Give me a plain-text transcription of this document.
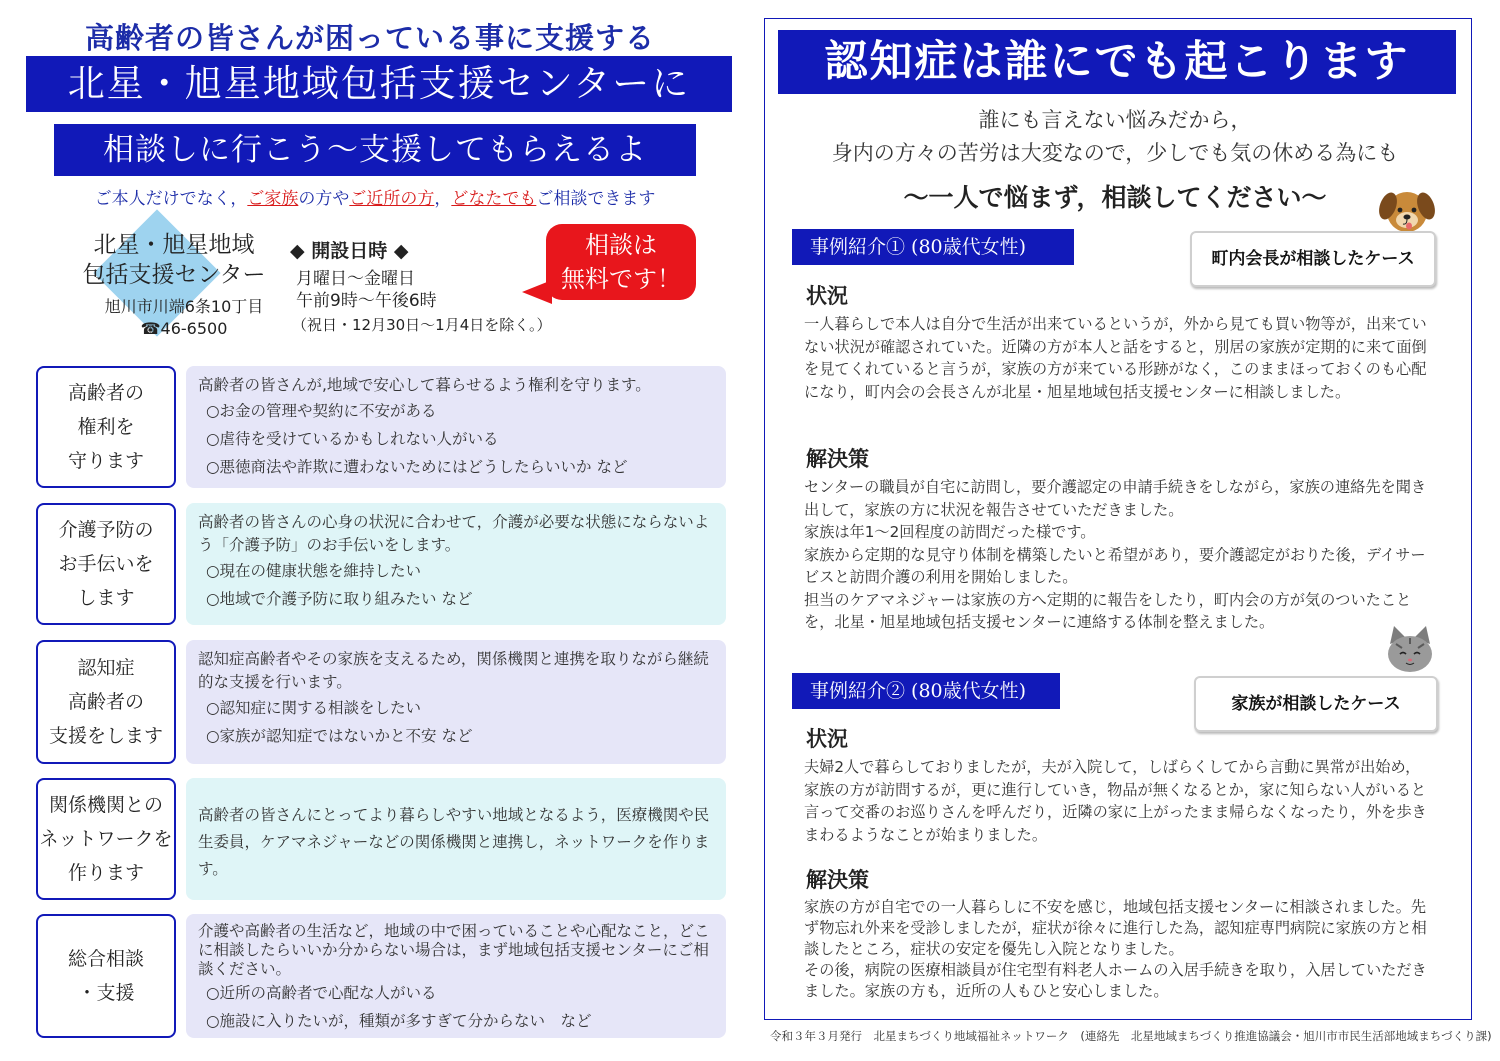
高齢者の皆さんが困っている事に支援する
北星・旭星地域包括支援センターに
相談しに行こう～支援してもらえるよ
ご本人だけでなく，ご家族の方やご近所の方，どなたでもご相談できます
北星・旭星地域
包括支援センター
旭川市川端6条10丁目
☎46-6500
◆ 開設日時 ◆
月曜日～金曜日
午前9時～午後6時
（祝日・12月30日～1月4日を除く。）
相談は
無料です！
高齢者の
権利を
守ります
高齢者の皆さんが,地域で安心して暮らせるよう権利を守ります。
○お金の管理や契約に不安がある
○虐待を受けているかもしれない人がいる
○悪徳商法や詐欺に遭わないためにはどうしたらいいか など
介護予防の
お手伝いを
します
高齢者の皆さんの心身の状況に合わせて，介護が必要な状態にならないよう「介護予防」のお手伝いをします。
○現在の健康状態を維持したい
○地域で介護予防に取り組みたい など
認知症
高齢者の
支援をします
認知症高齢者やその家族を支えるため，関係機関と連携を取りながら継続的な支援を行います。
○認知症に関する相談をしたい
○家族が認知症ではないかと不安 など
関係機関との
ネットワークを
作ります
高齢者の皆さんにとってより暮らしやすい地域となるよう，医療機関や民生委員，ケアマネジャーなどの関係機関と連携し，ネットワークを作ります。
総合相談
・支援
介護や高齢者の生活など，地域の中で困っていることや心配なこと，どこに相談したらいいか分からない場合は，まず地域包括支援センターにご相談ください。
○近所の高齢者で心配な人がいる
○施設に入りたいが，種類が多すぎて分からない　など
認知症は誰にでも起こります
誰にも言えない悩みだから，
身内の方々の苦労は大変なので，少しでも気の休める為にも
～一人で悩まず，相談してください～
事例紹介① (80歳代女性)
町内会長が相談したケース
状況
一人暮らしで本人は自分で生活が出来ているというが，外から見ても買い物等が，出来ていない状況が確認されていた。近隣の方が本人と話をすると，別居の家族が定期的に来て面倒を見てくれていると言うが，家族の方が来ている形跡がなく，このままほっておくのも心配になり，町内会の会長さんが北星・旭星地域包括支援センターに相談しました。
解決策
センターの職員が自宅に訪問し，要介護認定の申請手続きをしながら，家族の連絡先を聞き出して，家族の方に状況を報告させていただきました。
家族は年1～2回程度の訪問だった様です。
家族から定期的な見守り体制を構築したいと希望があり，要介護認定がおりた後，デイサービスと訪問介護の利用を開始しました。
担当のケアマネジャーは家族の方へ定期的に報告をしたり，町内会の方が気のついたことを，北星・旭星地域包括支援センターに連絡する体制を整えました。
事例紹介② (80歳代女性)
家族が相談したケース
状況
夫婦2人で暮らしておりましたが，夫が入院して，しばらくしてから言動に異常が出始め，家族の方が訪問するが，更に進行していき，物品が無くなるとか，家に知らない人がいると言って交番のお巡りさんを呼んだり，近隣の家に上がったまま帰らなくなったり，外を歩きまわるようなことが始まりました。
解決策
家族の方が自宅での一人暮らしに不安を感じ，地域包括支援センターに相談されました。先ず物忘れ外来を受診しましたが，症状が徐々に進行した為，認知症専門病院に家族の方と相談したところ，症状の安定を優先し入院となりました。
その後，病院の医療相談員が住宅型有料老人ホームの入居手続きを取り，入居していただきました。家族の方も，近所の人もひと安心しました。
令和３年３月発行　北星まちづくり地域福祉ネットワーク　(連絡先　北星地域まちづくり推進協議会・旭川市市民生活部地域まちづくり課)
